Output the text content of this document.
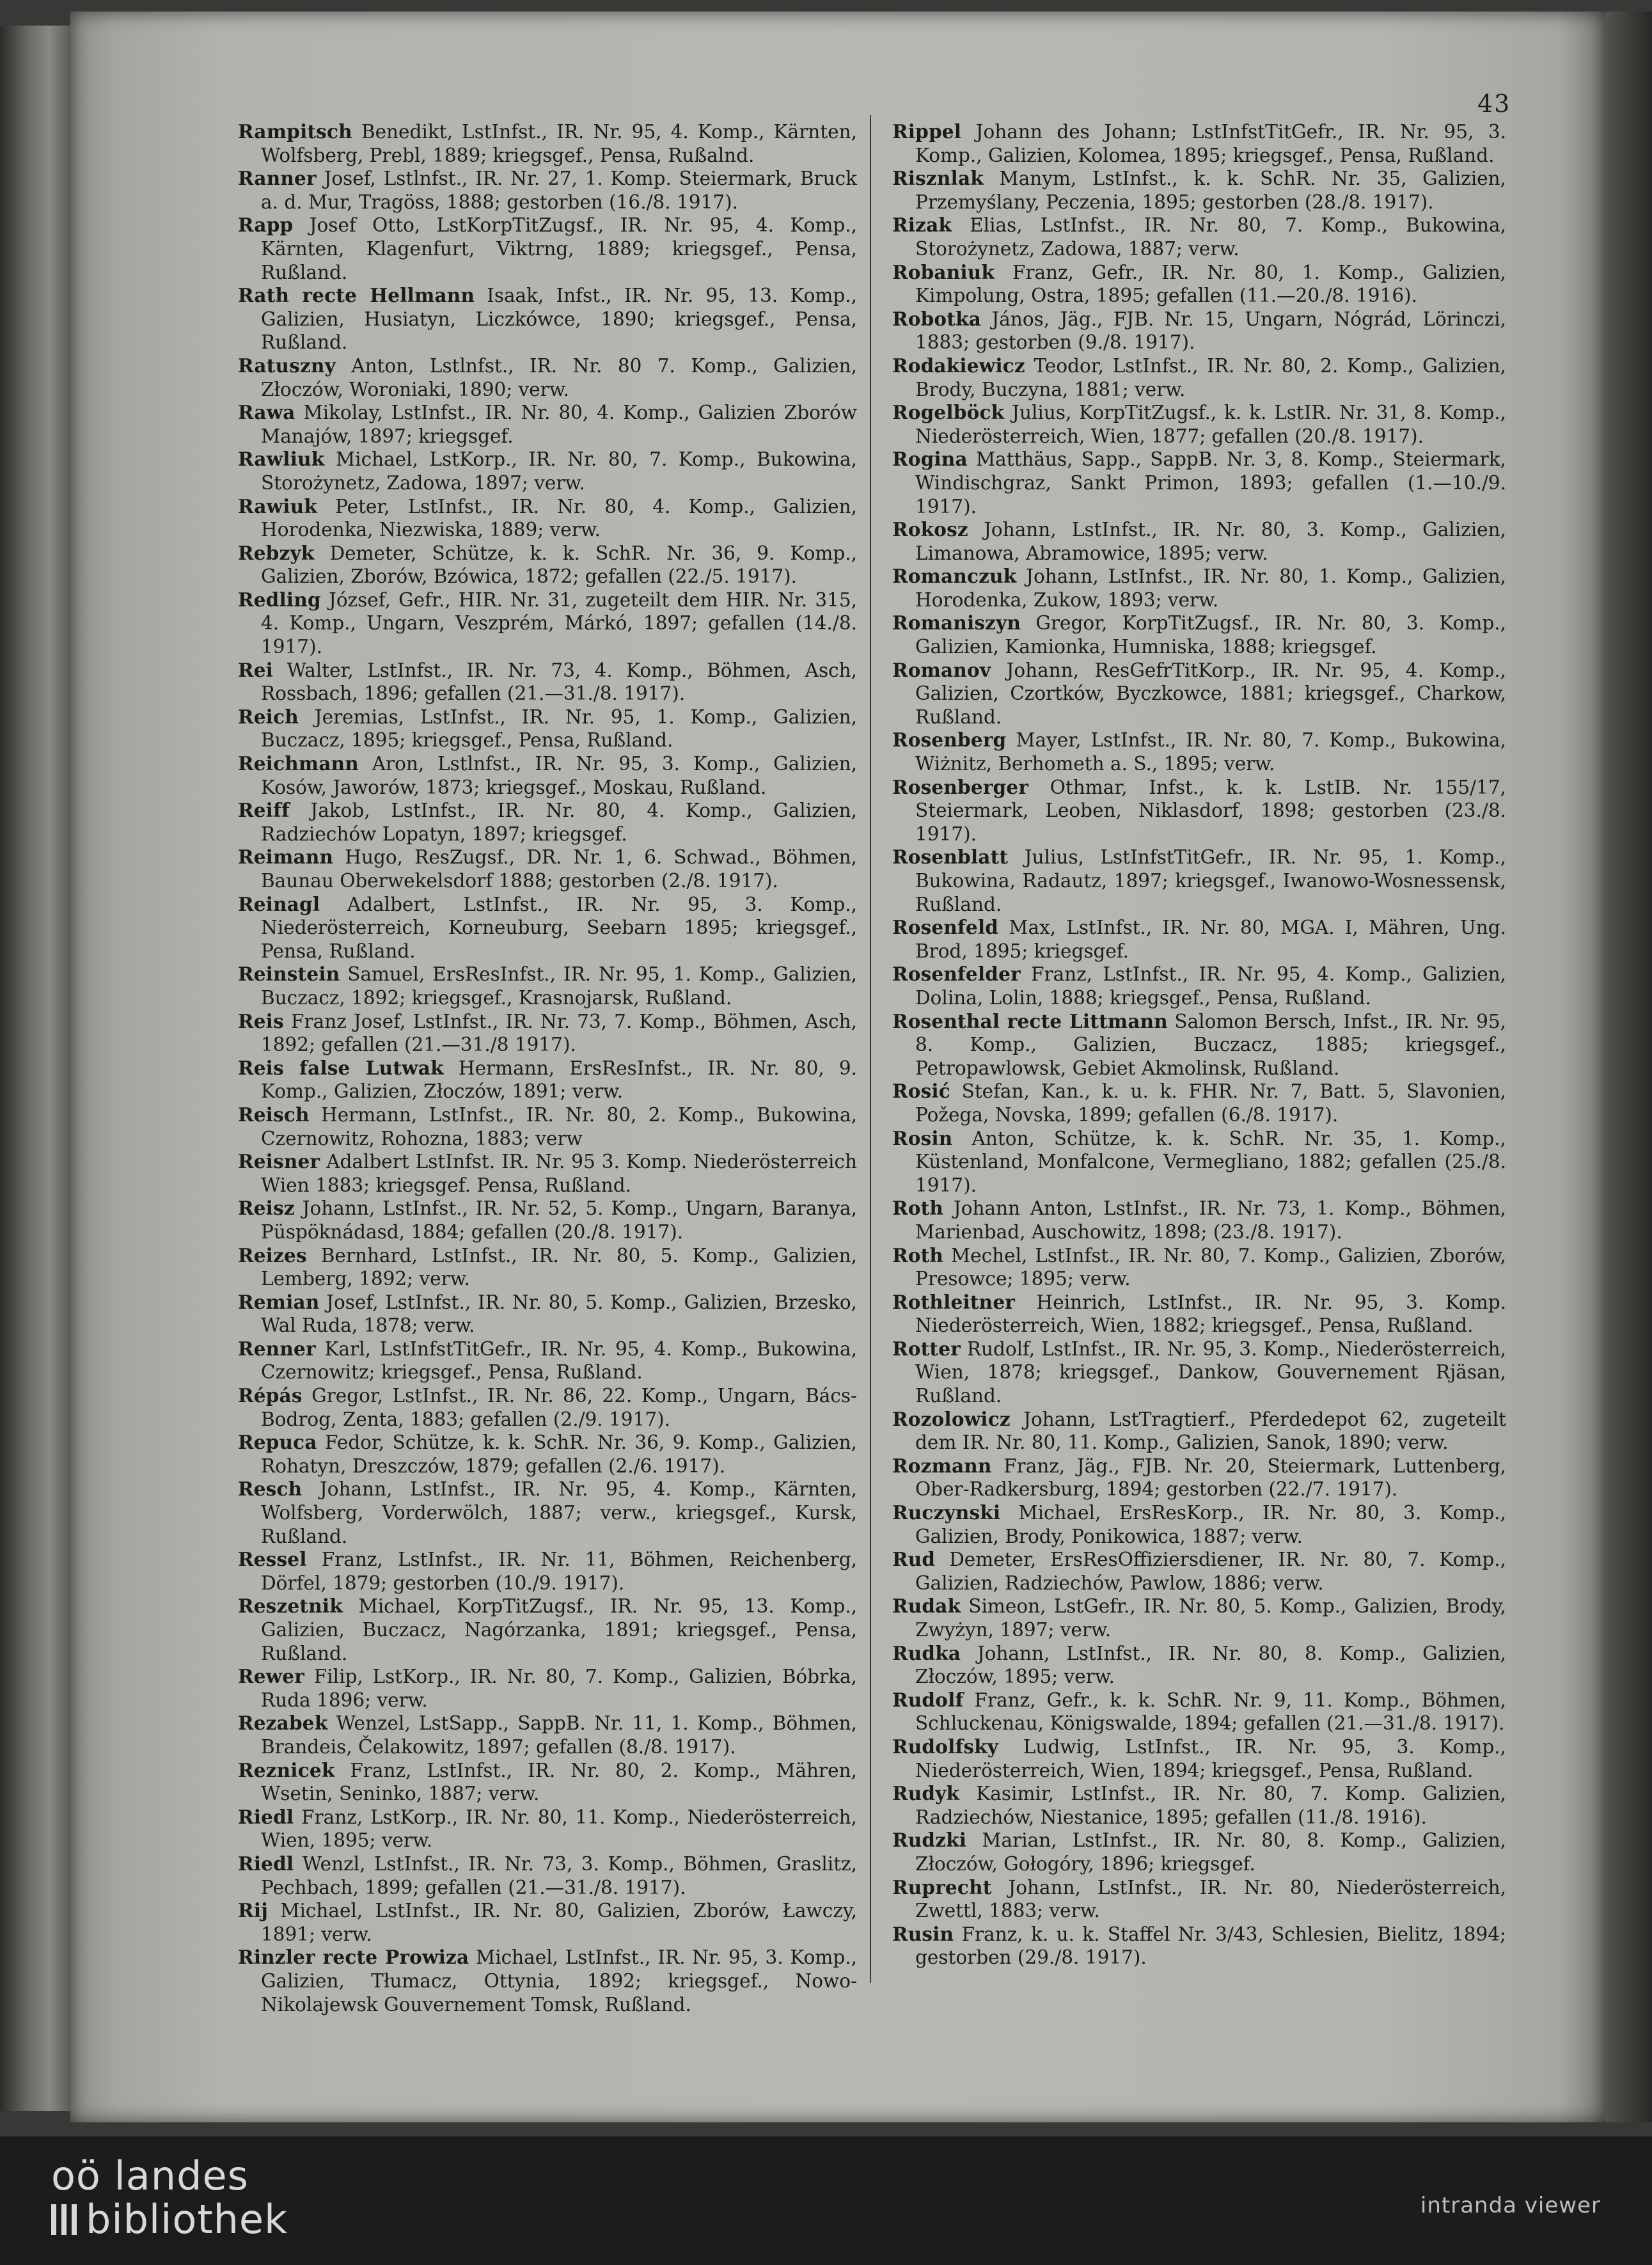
43

Rampitsch Benedikt, LstInfst., IR. Nr. 95, 4. Komp., Kärnten, Wolfsberg, Prebl, 1889; kriegsgef., Pensa, Rußalnd.

Ranner Josef, Lstlnfst., IR. Nr. 27, 1. Komp. Steiermark, Bruck a. d. Mur, Tragöss, 1888; gestorben (16./8. 1917).

Rapp Josef Otto, LstKorpTitZugsf., IR. Nr. 95, 4. Komp., Kärnten, Klagenfurt, Viktrng, 1889; kriegsgef., Pensa, Rußland.

Rath recte Hellmann Isaak, Infst., IR. Nr. 95, 13. Komp., Galizien, Husiatyn, Liczkówce, 1890; kriegsgef., Pensa, Rußland.

Ratuszny Anton, Lstlnfst., IR. Nr. 80 7. Komp., Galizien, Złoczów, Woroniaki, 1890; verw.

Rawa Mikolay, LstInfst., IR. Nr. 80, 4. Komp., Galizien Zborów Manajów, 1897; kriegsgef.

Rawliuk Michael, LstKorp., IR. Nr. 80, 7. Komp., Bukowina, Storożynetz, Zadowa, 1897; verw.

Rawiuk Peter, LstInfst., IR. Nr. 80, 4. Komp., Galizien, Horodenka, Niezwiska, 1889; verw.

Rebzyk Demeter, Schütze, k. k. SchR. Nr. 36, 9. Komp., Galizien, Zborów, Bzówica, 1872; gefallen (22./5. 1917).

Redling József, Gefr., HIR. Nr. 31, zugeteilt dem HIR. Nr. 315, 4. Komp., Ungarn, Veszprém, Márkó, 1897; gefallen (14./8. 1917).

Rei Walter, LstInfst., IR. Nr. 73, 4. Komp., Böhmen, Asch, Rossbach, 1896; gefallen (21.—31./8. 1917).

Reich Jeremias, LstInfst., IR. Nr. 95, 1. Komp., Galizien, Buczacz, 1895; kriegsgef., Pensa, Rußland.

Reichmann Aron, Lstlnfst., IR. Nr. 95, 3. Komp., Galizien, Kosów, Jaworów, 1873; kriegsgef., Moskau, Rußland.

Reiff Jakob, LstInfst., IR. Nr. 80, 4. Komp., Galizien, Radziechów Lopatyn, 1897; kriegsgef.

Reimann Hugo, ResZugsf., DR. Nr. 1, 6. Schwad., Böhmen, Baunau Oberwekelsdorf 1888; gestorben (2./8. 1917).

Reinagl Adalbert, LstInfst., IR. Nr. 95, 3. Komp., Niederösterreich, Korneuburg, Seebarn 1895; kriegsgef., Pensa, Rußland.

Reinstein Samuel, ErsResInfst., IR. Nr. 95, 1. Komp., Galizien, Buczacz, 1892; kriegsgef., Krasnojarsk, Rußland.

Reis Franz Josef, LstInfst., IR. Nr. 73, 7. Komp., Böhmen, Asch, 1892; gefallen (21.—31./8 1917).

Reis false Lutwak Hermann, ErsResInfst., IR. Nr. 80, 9. Komp., Galizien, Złoczów, 1891; verw.

Reisch Hermann, LstInfst., IR. Nr. 80, 2. Komp., Bukowina, Czernowitz, Rohozna, 1883; verw

Reisner Adalbert LstInfst. IR. Nr. 95 3. Komp. Niederösterreich Wien 1883; kriegsgef. Pensa, Rußland.

Reisz Johann, LstInfst., IR. Nr. 52, 5. Komp., Ungarn, Baranya, Püspöknádasd, 1884; gefallen (20./8. 1917).

Reizes Bernhard, LstInfst., IR. Nr. 80, 5. Komp., Galizien, Lemberg, 1892; verw.

Remian Josef, LstInfst., IR. Nr. 80, 5. Komp., Galizien, Brzesko, Wal Ruda, 1878; verw.

Renner Karl, LstInfstTitGefr., IR. Nr. 95, 4. Komp., Bukowina, Czernowitz; kriegsgef., Pensa, Rußland.

Répás Gregor, LstInfst., IR. Nr. 86, 22. Komp., Ungarn, Bács-Bodrog, Zenta, 1883; gefallen (2./9. 1917).

Repuca Fedor, Schütze, k. k. SchR. Nr. 36, 9. Komp., Galizien, Rohatyn, Dreszczów, 1879; gefallen (2./6. 1917).

Resch Johann, LstInfst., IR. Nr. 95, 4. Komp., Kärnten, Wolfsberg, Vorderwölch, 1887; verw., kriegsgef., Kursk, Rußland.

Ressel Franz, LstInfst., IR. Nr. 11, Böhmen, Reichenberg, Dörfel, 1879; gestorben (10./9. 1917).

Reszetnik Michael, KorpTitZugsf., IR. Nr. 95, 13. Komp., Galizien, Buczacz, Nagórzanka, 1891; kriegsgef., Pensa, Rußland.

Rewer Filip, LstKorp., IR. Nr. 80, 7. Komp., Galizien, Bóbrka, Ruda 1896; verw.

Rezabek Wenzel, LstSapp., SappB. Nr. 11, 1. Komp., Böhmen, Brandeis, Čelakowitz, 1897; gefallen (8./8. 1917).

Reznicek Franz, LstInfst., IR. Nr. 80, 2. Komp., Mähren, Wsetin, Seninko, 1887; verw.

Riedl Franz, LstKorp., IR. Nr. 80, 11. Komp., Niederösterreich, Wien, 1895; verw.

Riedl Wenzl, LstInfst., IR. Nr. 73, 3. Komp., Böhmen, Graslitz, Pechbach, 1899; gefallen (21.—31./8. 1917).

Rij Michael, LstInfst., IR. Nr. 80, Galizien, Zborów, Ławczy, 1891; verw.

Rinzler recte Prowiza Michael, LstInfst., IR. Nr. 95, 3. Komp., Galizien, Tłumacz, Ottynia, 1892; kriegsgef., Nowo-Nikolajewsk Gouvernement Tomsk, Rußland.

Rippel Johann des Johann; LstInfstTitGefr., IR. Nr. 95, 3. Komp., Galizien, Kolomea, 1895; kriegsgef., Pensa, Rußland.

Risznlak Manym, LstInfst., k. k. SchR. Nr. 35, Galizien, Przemyślany, Peczenia, 1895; gestorben (28./8. 1917).

Rizak Elias, LstInfst., IR. Nr. 80, 7. Komp., Bukowina, Storożynetz, Zadowa, 1887; verw.

Robaniuk Franz, Gefr., IR. Nr. 80, 1. Komp., Galizien, Kimpolung, Ostra, 1895; gefallen (11.—20./8. 1916).

Robotka János, Jäg., FJB. Nr. 15, Ungarn, Nógrád, Lörinczi, 1883; gestorben (9./8. 1917).

Rodakiewicz Teodor, LstInfst., IR. Nr. 80, 2. Komp., Galizien, Brody, Buczyna, 1881; verw.

Rogelböck Julius, KorpTitZugsf., k. k. LstIR. Nr. 31, 8. Komp., Niederösterreich, Wien, 1877; gefallen (20./8. 1917).

Rogina Matthäus, Sapp., SappB. Nr. 3, 8. Komp., Steiermark, Windischgraz, Sankt Primon, 1893; gefallen (1.—10./9. 1917).

Rokosz Johann, LstInfst., IR. Nr. 80, 3. Komp., Galizien, Limanowa, Abramowice, 1895; verw.

Romanczuk Johann, LstInfst., IR. Nr. 80, 1. Komp., Galizien, Horodenka, Zukow, 1893; verw.

Romaniszyn Gregor, KorpTitZugsf., IR. Nr. 80, 3. Komp., Galizien, Kamionka, Humniska, 1888; kriegsgef.

Romanov Johann, ResGefrTitKorp., IR. Nr. 95, 4. Komp., Galizien, Czortków, Byczkowce, 1881; kriegsgef., Charkow, Rußland.

Rosenberg Mayer, LstInfst., IR. Nr. 80, 7. Komp., Bukowina, Wiżnitz, Berhometh a. S., 1895; verw.

Rosenberger Othmar, Infst., k. k. LstIB. Nr. 155/17, Steiermark, Leoben, Niklasdorf, 1898; gestorben (23./8. 1917).

Rosenblatt Julius, LstInfstTitGefr., IR. Nr. 95, 1. Komp., Bukowina, Radautz, 1897; kriegsgef., Iwanowo-Wosnessensk, Rußland.

Rosenfeld Max, LstInfst., IR. Nr. 80, MGA. I, Mähren, Ung. Brod, 1895; kriegsgef.

Rosenfelder Franz, LstInfst., IR. Nr. 95, 4. Komp., Galizien, Dolina, Lolin, 1888; kriegsgef., Pensa, Rußland.

Rosenthal recte Littmann Salomon Bersch, Infst., IR. Nr. 95, 8. Komp., Galizien, Buczacz, 1885; kriegsgef., Petropawlowsk, Gebiet Akmolinsk, Rußland.

Rosić Stefan, Kan., k. u. k. FHR. Nr. 7, Batt. 5, Slavonien, Požega, Novska, 1899; gefallen (6./8. 1917).

Rosin Anton, Schütze, k. k. SchR. Nr. 35, 1. Komp., Küstenland, Monfalcone, Vermegliano, 1882; gefallen (25./8. 1917).

Roth Johann Anton, LstInfst., IR. Nr. 73, 1. Komp., Böhmen, Marienbad, Auschowitz, 1898; (23./8. 1917).

Roth Mechel, LstInfst., IR. Nr. 80, 7. Komp., Galizien, Zborów, Presowce; 1895; verw.

Rothleitner Heinrich, LstInfst., IR. Nr. 95, 3. Komp. Niederösterreich, Wien, 1882; kriegsgef., Pensa, Rußland.

Rotter Rudolf, LstInfst., IR. Nr. 95, 3. Komp., Niederösterreich, Wien, 1878; kriegsgef., Dankow, Gouvernement Rjäsan, Rußland.

Rozolowicz Johann, LstTragtierf., Pferdedepot 62, zugeteilt dem IR. Nr. 80, 11. Komp., Galizien, Sanok, 1890; verw.

Rozmann Franz, Jäg., FJB. Nr. 20, Steiermark, Luttenberg, Ober-Radkersburg, 1894; gestorben (22./7. 1917).

Ruczynski Michael, ErsResKorp., IR. Nr. 80, 3. Komp., Galizien, Brody, Ponikowica, 1887; verw.

Rud Demeter, ErsResOffiziersdiener, IR. Nr. 80, 7. Komp., Galizien, Radziechów, Pawlow, 1886; verw.

Rudak Simeon, LstGefr., IR. Nr. 80, 5. Komp., Galizien, Brody, Zwyżyn, 1897; verw.

Rudka Johann, LstInfst., IR. Nr. 80, 8. Komp., Galizien, Złoczów, 1895; verw.

Rudolf Franz, Gefr., k. k. SchR. Nr. 9, 11. Komp., Böhmen, Schluckenau, Königswalde, 1894; gefallen (21.—31./8. 1917).

Rudolfsky Ludwig, LstInfst., IR. Nr. 95, 3. Komp., Niederösterreich, Wien, 1894; kriegsgef., Pensa, Rußland.

Rudyk Kasimir, LstInfst., IR. Nr. 80, 7. Komp. Galizien, Radziechów, Niestanice, 1895; gefallen (11./8. 1916).

Rudzki Marian, LstInfst., IR. Nr. 80, 8. Komp., Galizien, Złoczów, Gołogóry, 1896; kriegsgef.

Ruprecht Johann, LstInfst., IR. Nr. 80, Niederösterreich, Zwettl, 1883; verw.

Rusin Franz, k. u. k. Staffel Nr. 3/43, Schlesien, Bielitz, 1894; gestorben (29./8. 1917).

oö landes
bibliothek	intranda viewer
